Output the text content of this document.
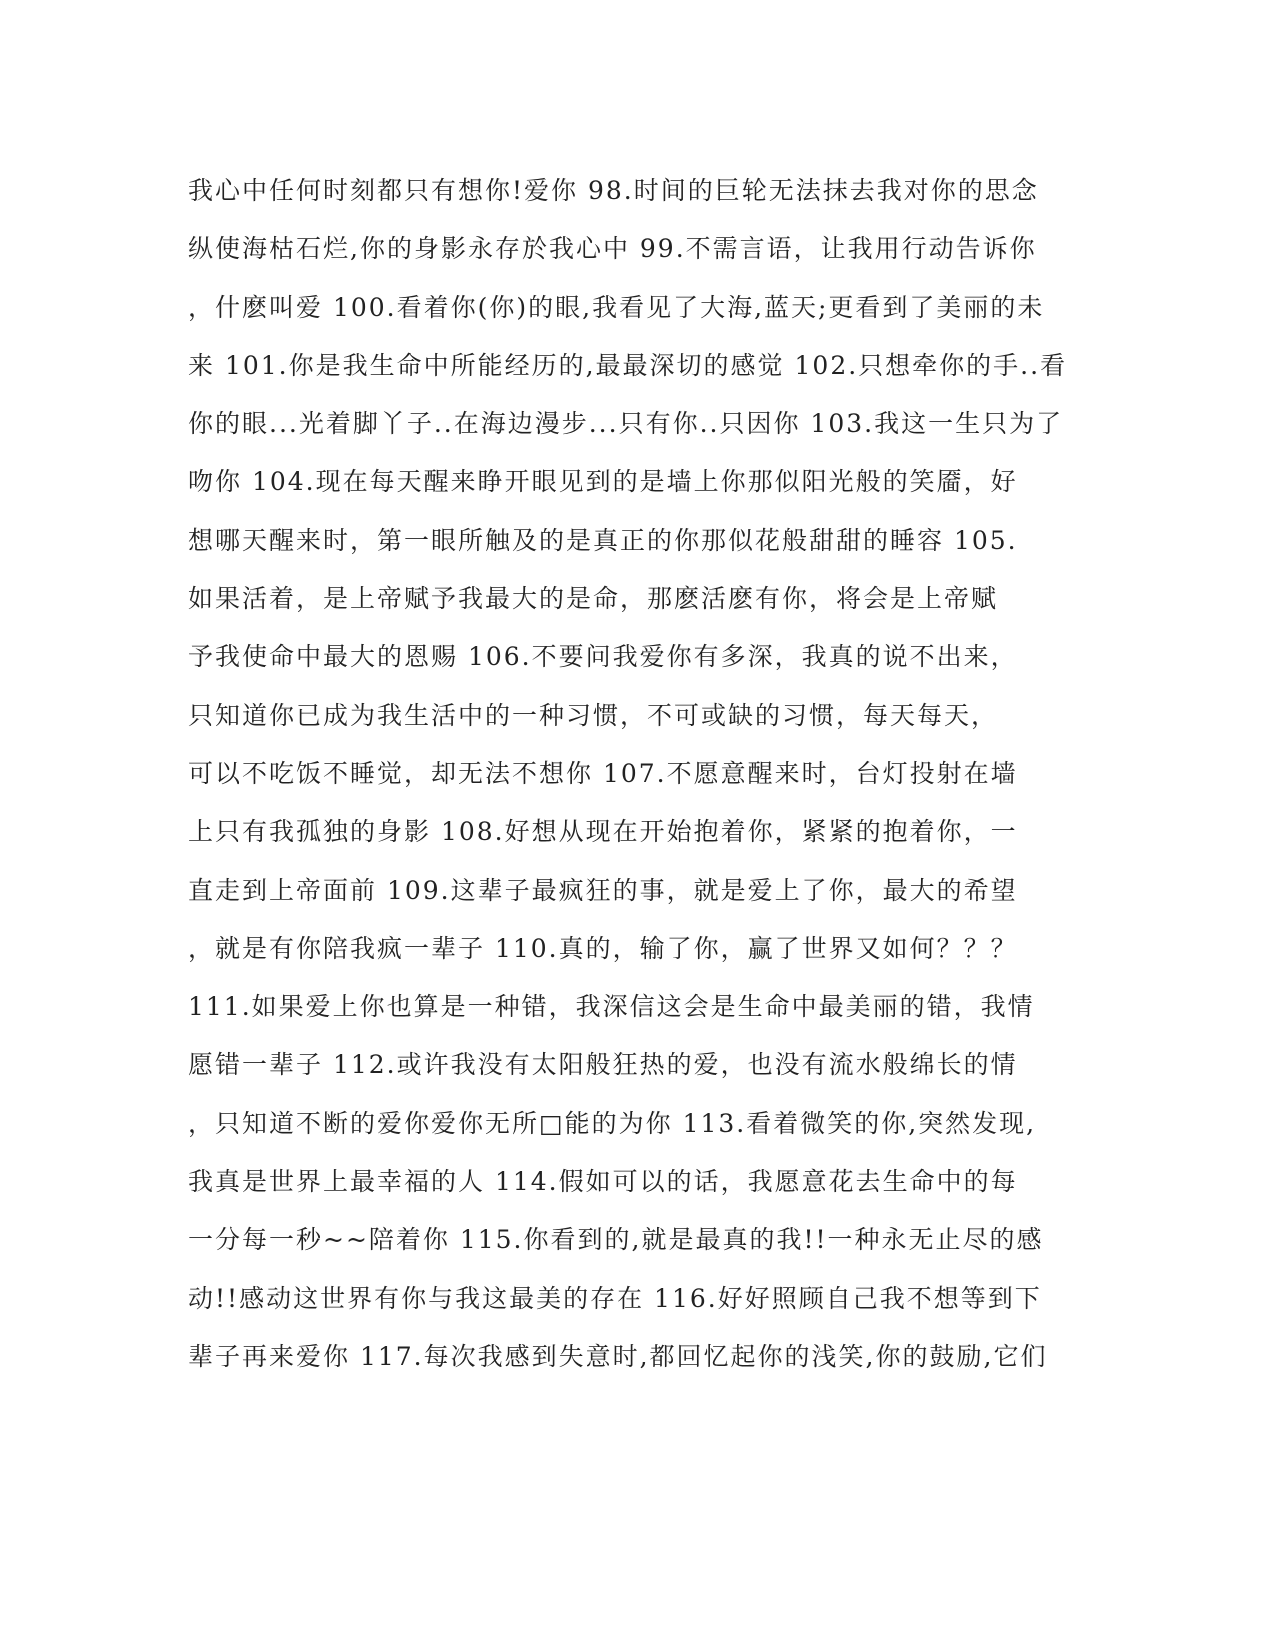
我心中任何时刻都只有想你!爱你 98.时间的巨轮无法抹去我对你的思念
纵使海枯石烂,你的身影永存於我心中 99.不需言语，让我用行动告诉你
，什麽叫爱 100.看着你(你)的眼,我看见了大海,蓝天;更看到了美丽的未
来 101.你是我生命中所能经历的,最最深切的感觉 102.只想牵你的手..看
你的眼...光着脚丫子..在海边漫步...只有你..只因你 103.我这一生只为了
吻你 104.现在每天醒来睁开眼见到的是墙上你那似阳光般的笑靥，好
想哪天醒来时，第一眼所触及的是真正的你那似花般甜甜的睡容 105.
如果活着，是上帝赋予我最大的是命，那麽活麽有你，将会是上帝赋
予我使命中最大的恩赐 106.不要问我爱你有多深，我真的说不出来，
只知道你已成为我生活中的一种习惯，不可或缺的习惯，每天每天，
可以不吃饭不睡觉，却无法不想你 107.不愿意醒来时，台灯投射在墙
上只有我孤独的身影 108.好想从现在开始抱着你，紧紧的抱着你，一
直走到上帝面前 109.这辈子最疯狂的事，就是爱上了你，最大的希望
，就是有你陪我疯一辈子 110.真的，输了你，赢了世界又如何？？？
111.如果爱上你也算是一种错，我深信这会是生命中最美丽的错，我情
愿错一辈子 112.或许我没有太阳般狂热的爱，也没有流水般绵长的情
，只知道不断的爱你爱你无所□能的为你 113.看着微笑的你,突然发现,
我真是世界上最幸福的人 114.假如可以的话，我愿意花去生命中的每
一分每一秒~~陪着你 115.你看到的,就是最真的我!!一种永无止尽的感
动!!感动这世界有你与我这最美的存在 116.好好照顾自己我不想等到下
辈子再来爱你 117.每次我感到失意时,都回忆起你的浅笑,你的鼓励,它们
